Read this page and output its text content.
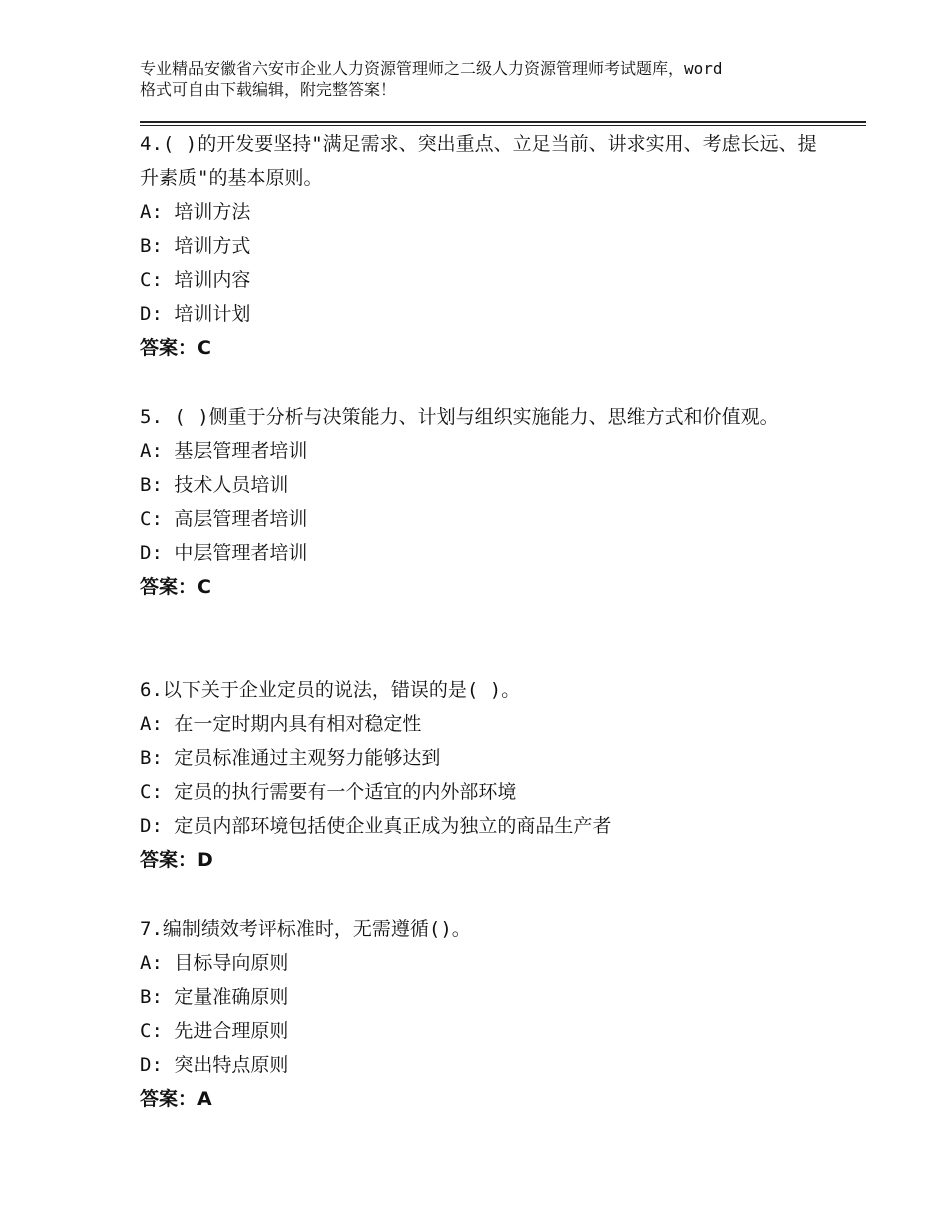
专业精品安徽省六安市企业人力资源管理师之二级人力资源管理师考试题库，word
格式可自由下载编辑，附完整答案！
4.( )的开发要坚持"满足需求、突出重点、立足当前、讲求实用、考虑长远、提升素质"的基本原则。
A: 培训方法
B: 培训方式
C: 培训内容
D: 培训计划
答案：C
5. ( )侧重于分析与决策能力、计划与组织实施能力、思维方式和价值观。
A: 基层管理者培训
B: 技术人员培训
C: 高层管理者培训
D: 中层管理者培训
答案：C
6.以下关于企业定员的说法，错误的是( )。
A: 在一定时期内具有相对稳定性
B: 定员标准通过主观努力能够达到
C: 定员的执行需要有一个适宜的内外部环境
D: 定员内部环境包括使企业真正成为独立的商品生产者
答案：D
7.编制绩效考评标准时，无需遵循()。
A: 目标导向原则
B: 定量准确原则
C: 先进合理原则
D: 突出特点原则
答案：A
